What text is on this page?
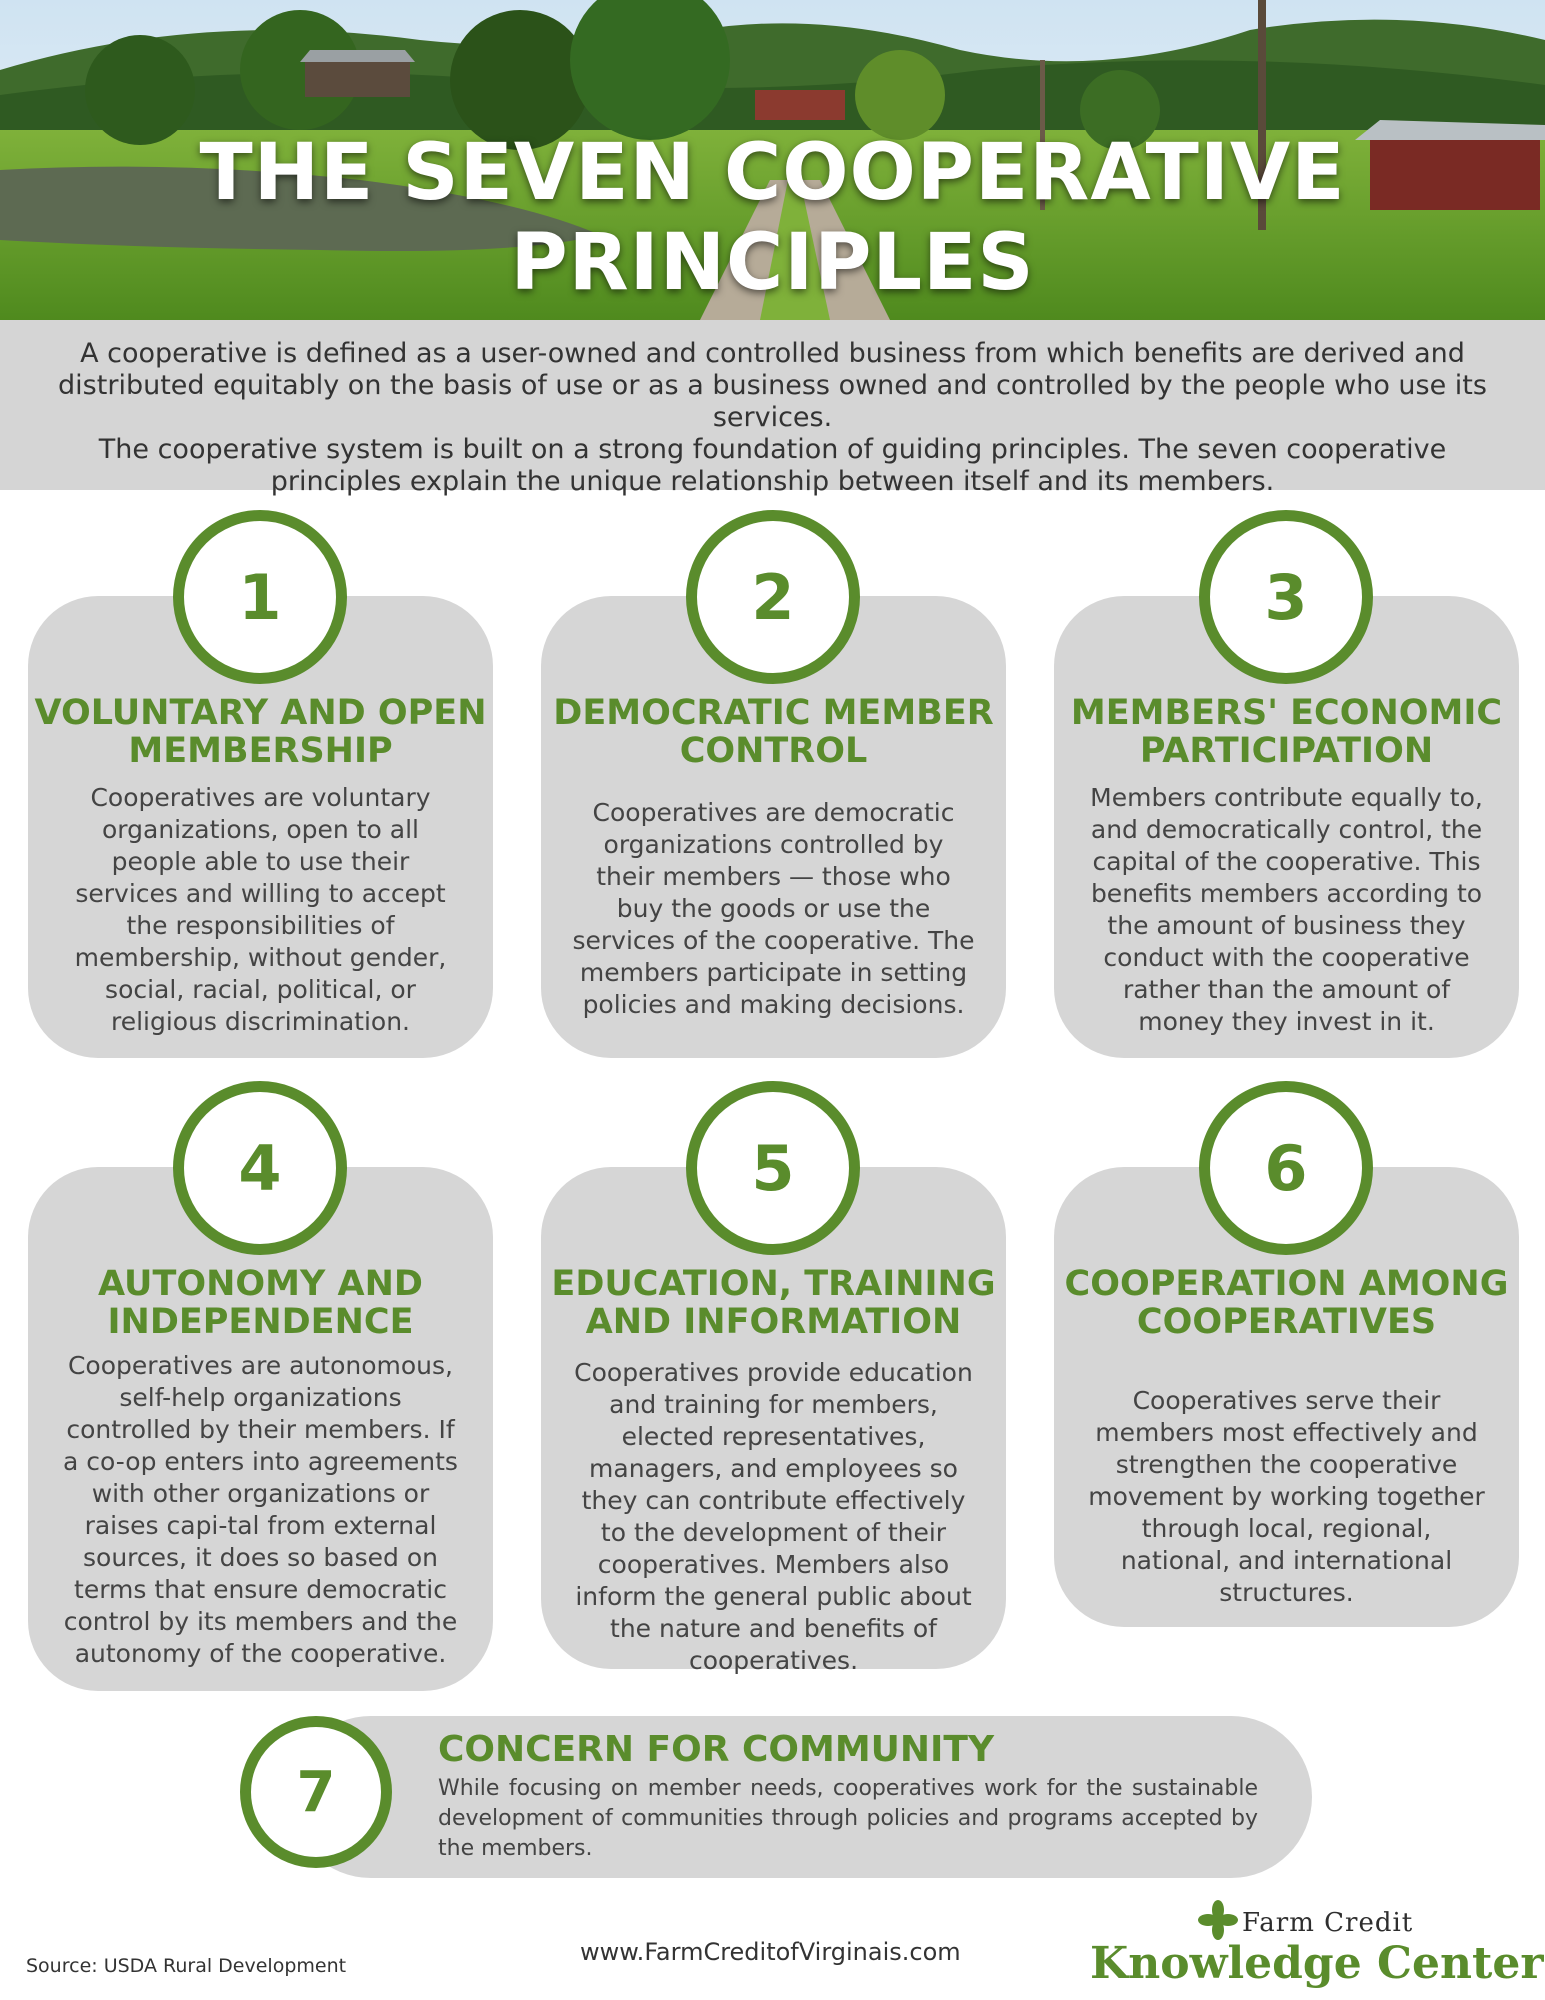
THE SEVEN COOPERATIVE PRINCIPLES

A cooperative is defined as a user-owned and controlled business from which benefits are derived and distributed equitably on the basis of use or as a business owned and controlled by the people who use its services.

The cooperative system is built on a strong foundation of guiding principles. The seven cooperative principles explain the unique relationship between itself and its members.

VOLUNTARY AND OPEN MEMBERSHIP

Cooperatives are voluntary organizations, open to all people able to use their services and willing to accept the responsibilities of membership, without gender, social, racial, political, or religious discrimination.

1
DEMOCRATIC MEMBER CONTROL

Cooperatives are democratic organizations controlled by their members — those who buy the goods or use the services of the cooperative. The members participate in setting policies and making decisions.

2
MEMBERS' ECONOMIC PARTICIPATION

Members contribute equally to, and democratically control, the capital of the cooperative. This benefits members according to the amount of business they conduct with the cooperative rather than the amount of money they invest in it.

3
AUTONOMY AND INDEPENDENCE

Cooperatives are autonomous, self-help organizations controlled by their members. If a co-op enters into agreements with other organizations or raises capi-tal from external sources, it does so based on terms that ensure democratic control by its members and the autonomy of the cooperative.

4
EDUCATION, TRAINING AND INFORMATION

Cooperatives provide education and training for members, elected representatives, managers, and employees so they can contribute effectively to the development of their cooperatives. Members also inform the general public about the nature and benefits of cooperatives.

5
COOPERATION AMONG COOPERATIVES

Cooperatives serve their members most effectively and strengthen the cooperative movement by working together through local, regional, national, and international structures.

6
CONCERN FOR COMMUNITY

While focusing on member needs, cooperatives work for the sustainable development of communities through policies and programs accepted by the members.

7
Source: USDA Rural Development	www.FarmCreditofVirginais.com
Farm Credit
Knowledge Center
